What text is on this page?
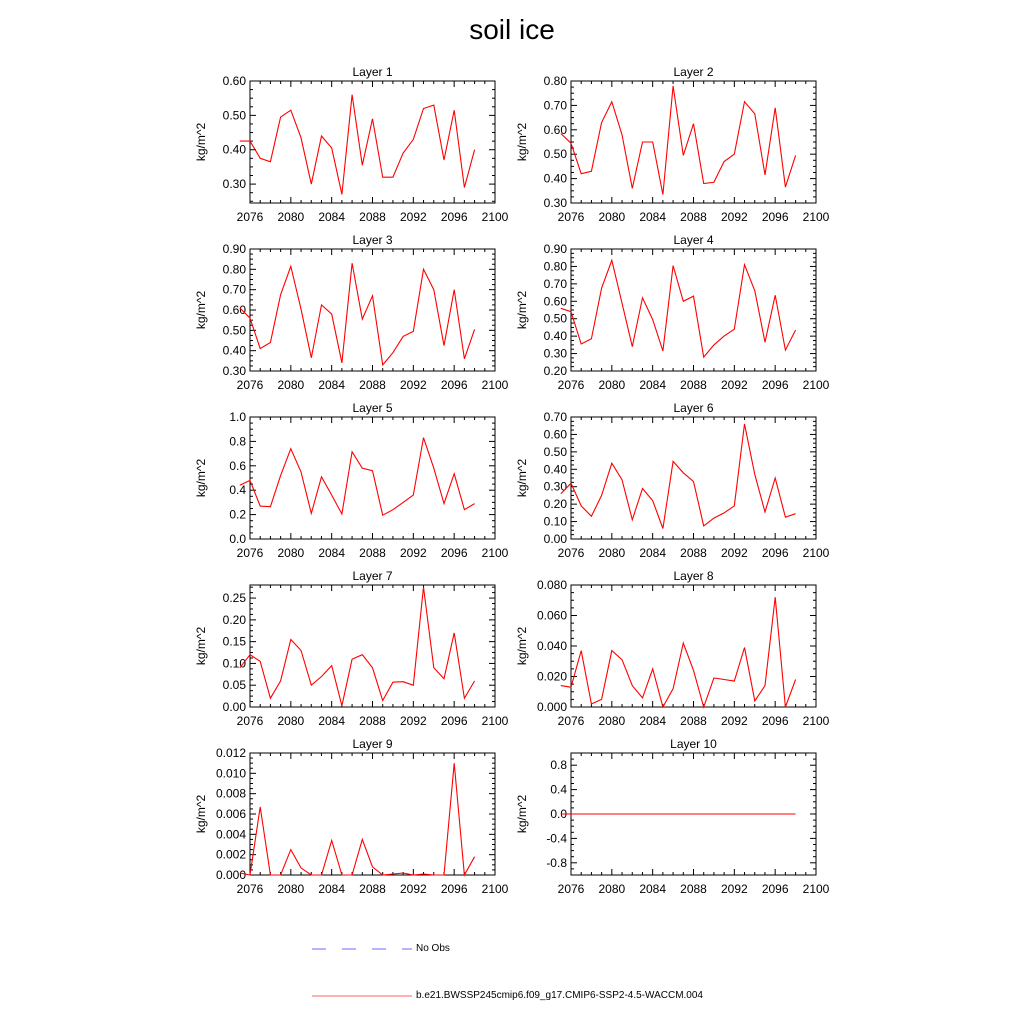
soil ice
Layer 1
2076 2080 2084 2088 2092 2096 2100
0.30
0.40
0.50
0.60
kg/m^2
Layer 2
2076 2080 2084 2088 2092 2096 2100
0.30
0.40
0.50
0.60
0.70
0.80
kg/m^2
Layer 3
2076 2080 2084 2088 2092 2096 2100
0.30
0.40
0.50
0.60
0.70
0.80
0.90
kg/m^2
Layer 4
2076 2080 2084 2088 2092 2096 2100
0.20
0.30
0.40
0.50
0.60
0.70
0.80
0.90
kg/m^2
Layer 5
2076 2080 2084 2088 2092 2096 2100
0.0
0.2
0.4
0.6
0.8
1.0
kg/m^2
Layer 6
2076 2080 2084 2088 2092 2096 2100
0.00
0.10
0.20
0.30
0.40
0.50
0.60
0.70
kg/m^2
Layer 7
2076 2080 2084 2088 2092 2096 2100
0.00
0.05
0.10
0.15
0.20
0.25
kg/m^2
Layer 8
2076 2080 2084 2088 2092 2096 2100
0.000
0.020
0.040
0.060
0.080
kg/m^2
Layer 9
2076 2080 2084 2088 2092 2096 2100
0.000
0.002
0.004
0.006
0.008
0.010
0.012
kg/m^2
Layer 10
2076 2080 2084 2088 2092 2096 2100
-0.8
-0.4
0.0
0.4
0.8
kg/m^2
No Obs
b.e21.BWSSP245cmip6.f09_g17.CMIP6-SSP2-4.5-WACCM.004
